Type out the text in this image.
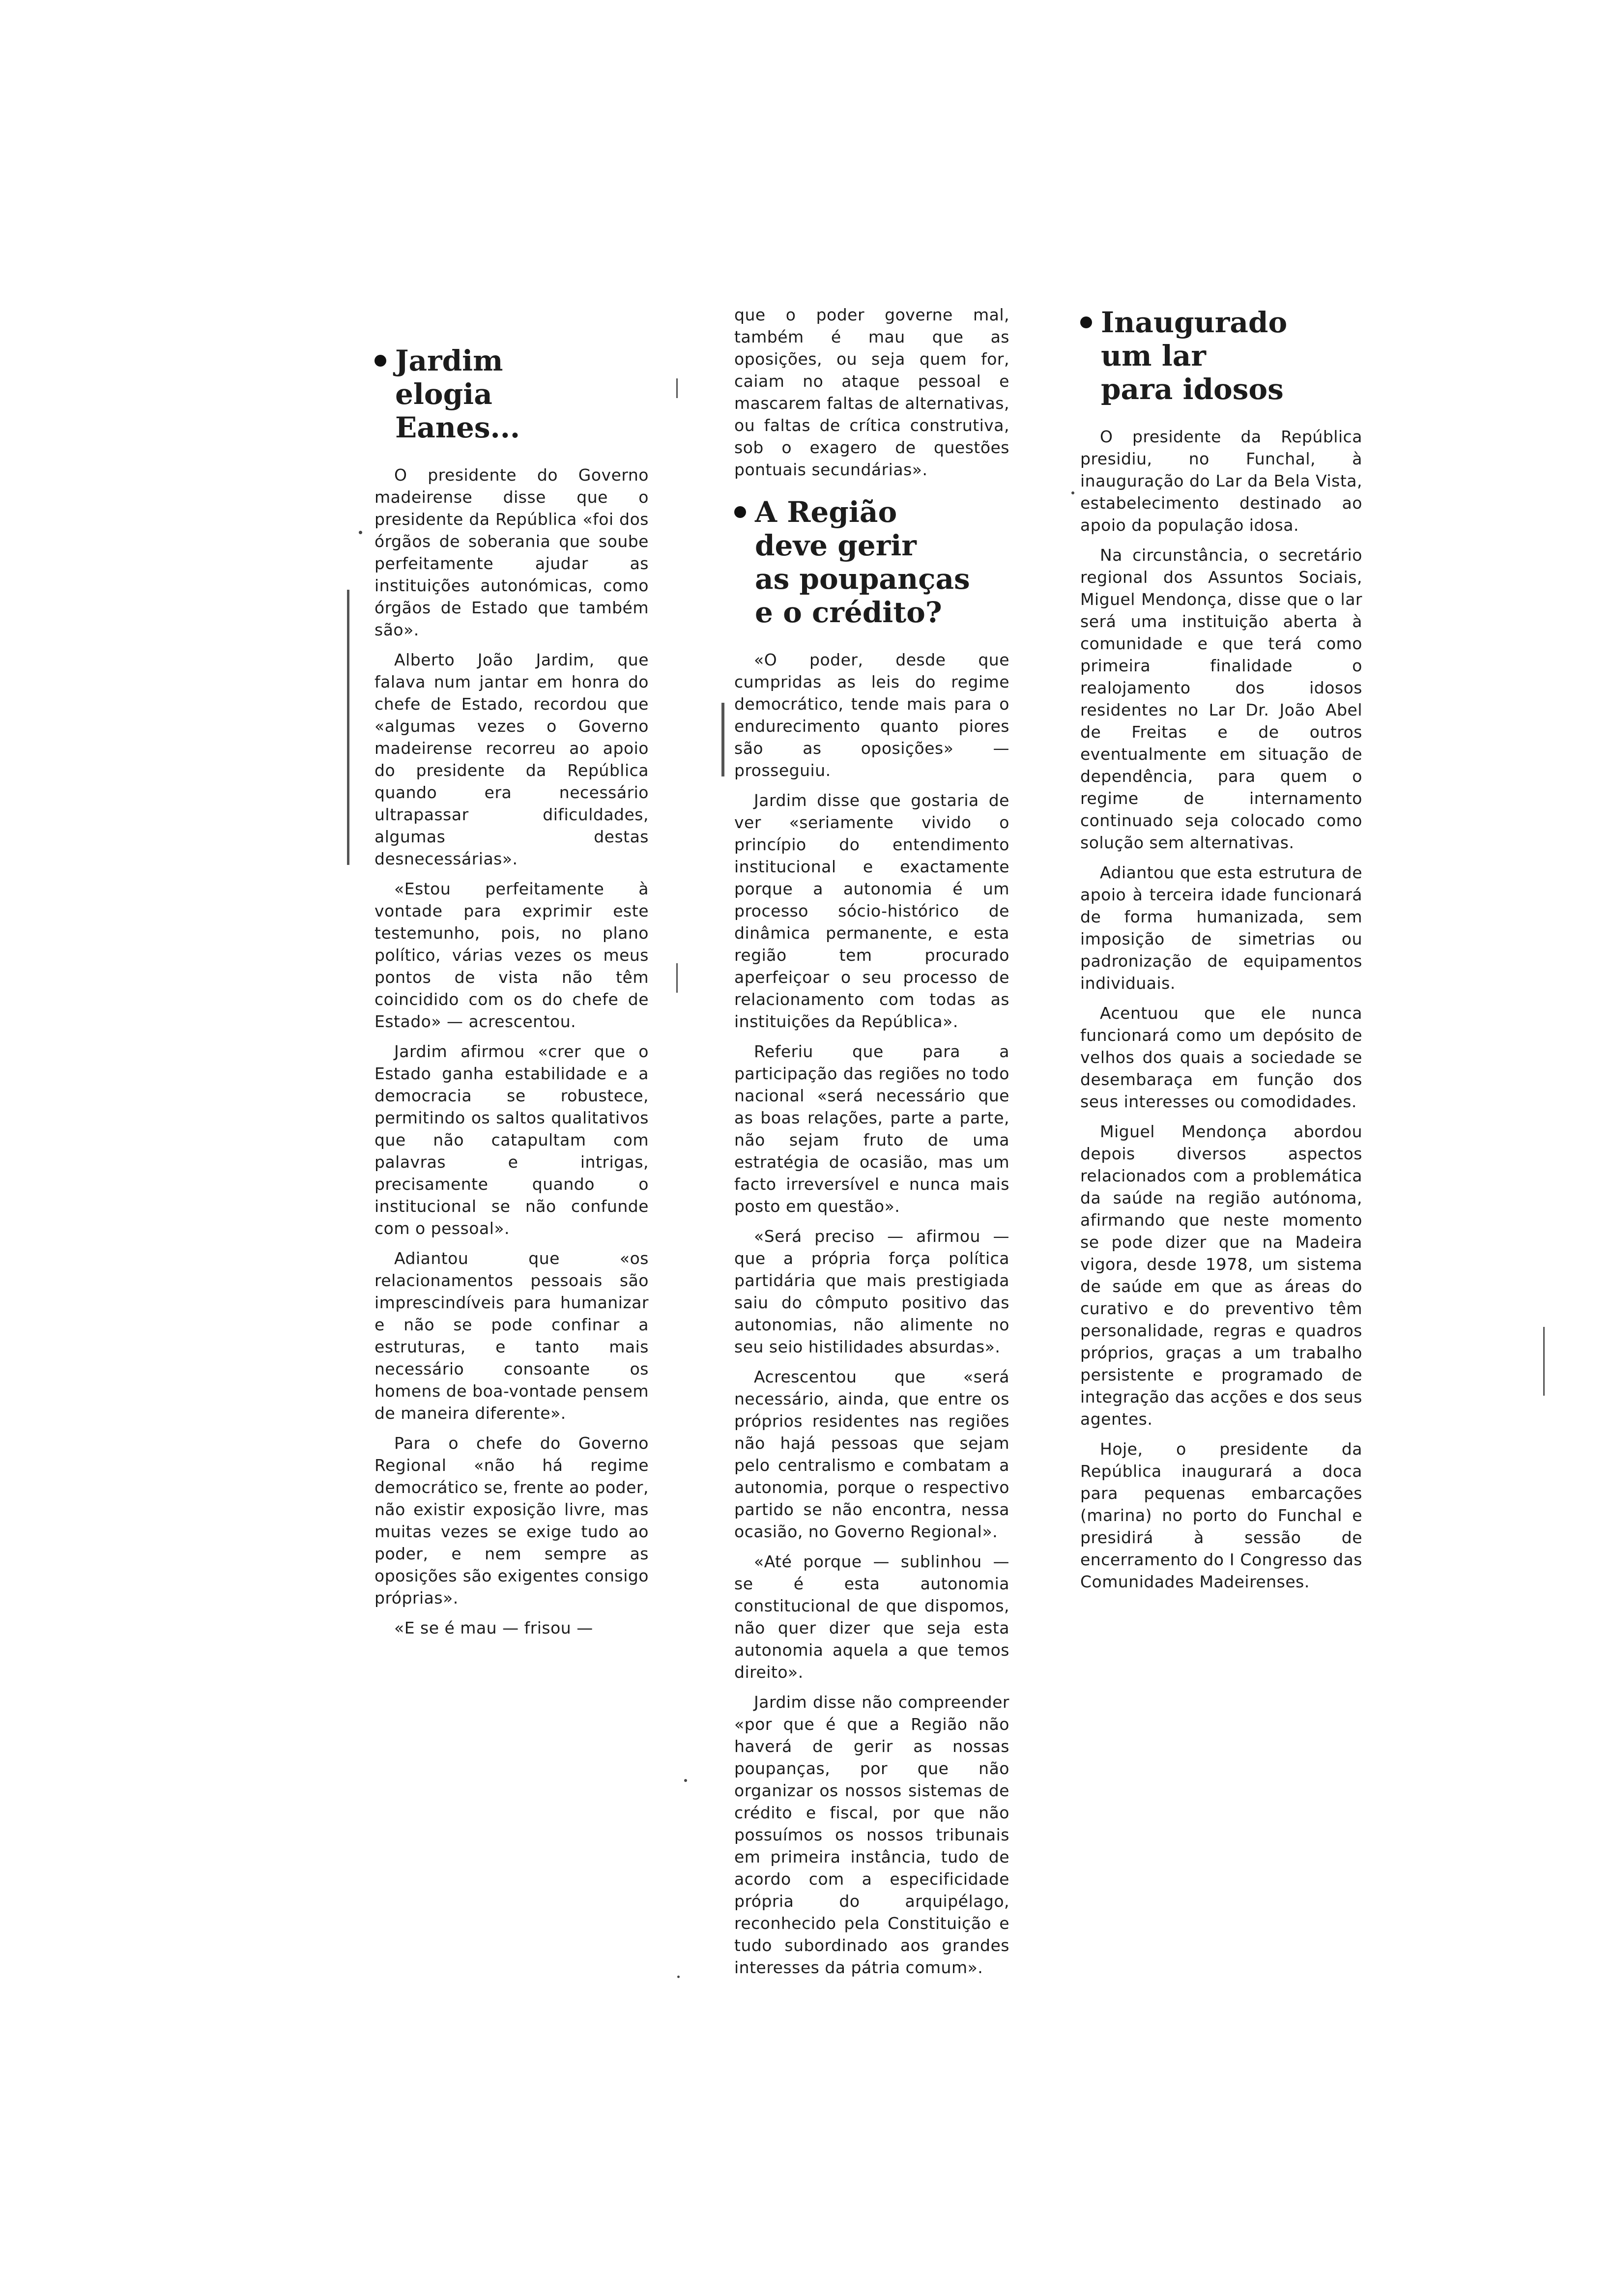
Jardim
elogia
Eanes...

O presidente do Governo madeirense disse que o presidente da República «foi dos órgãos de soberania que soube perfeitamente ajudar as instituições autonómicas, como órgãos de Estado que também são».

Alberto João Jardim, que falava num jantar em honra do chefe de Estado, recordou que «algumas vezes o Governo madeirense recorreu ao apoio do presidente da República quando era necessário ultrapassar dificuldades, algumas destas desnecessárias».

«Estou perfeitamente à vontade para exprimir este testemunho, pois, no plano político, várias vezes os meus pontos de vista não têm coincidido com os do chefe de Estado» — acrescentou.

Jardim afirmou «crer que o Estado ganha estabilidade e a democracia se robustece, permitindo os saltos qualitativos que não catapultam com palavras e intrigas, precisamente quando o institucional se não confunde com o pessoal».

Adiantou que «os relacionamentos pessoais são imprescindíveis para humanizar e não se pode confinar a estruturas, e tanto mais necessário consoante os homens de boa-vontade pensem de maneira diferente».

Para o chefe do Governo Regional «não há regime democrático se, frente ao poder, não existir exposição livre, mas muitas vezes se exige tudo ao poder, e nem sempre as oposições são exigentes consigo próprias».

«E se é mau — frisou —

que o poder governe mal, também é mau que as oposições, ou seja quem for, caiam no ataque pessoal e mascarem faltas de alternativas, ou faltas de crítica construtiva, sob o exagero de questões pontuais secundárias».

A Região
deve gerir
as poupanças
e o crédito?

«O poder, desde que cumpridas as leis do regime democrático, tende mais para o endurecimento quanto piores são as oposições» — prosseguiu.

Jardim disse que gostaria de ver «seriamente vivido o princípio do entendimento institucional e exactamente porque a autonomia é um processo sócio-histórico de dinâmica permanente, e esta região tem procurado aperfeiçoar o seu processo de relacionamento com todas as instituições da República».

Referiu que para a participação das regiões no todo nacional «será necessário que as boas relações, parte a parte, não sejam fruto de uma estratégia de ocasião, mas um facto irreversível e nunca mais posto em questão».

«Será preciso — afirmou — que a própria força política partidária que mais prestigiada saiu do cômputo positivo das autonomias, não alimente no seu seio histilidades absurdas».

Acrescentou que «será necessário, ainda, que entre os próprios residentes nas regiões não hajá pessoas que sejam pelo centralismo e combatam a autonomia, porque o respectivo partido se não encontra, nessa ocasião, no Governo Regional».

«Até porque — sublinhou — se é esta autonomia constitucional de que dispomos, não quer dizer que seja esta autonomia aquela a que temos direito».

Jardim disse não compreender «por que é que a Região não haverá de gerir as nossas poupanças, por que não organizar os nossos sistemas de crédito e fiscal, por que não possuímos os nossos tribunais em primeira instância, tudo de acordo com a especificidade própria do arquipélago, reconhecido pela Constituição e tudo subordinado aos grandes interesses da pátria comum».

Inaugurado
um lar
para idosos

O presidente da República presidiu, no Funchal, à inauguração do Lar da Bela Vista, estabelecimento destinado ao apoio da população idosa.

Na circunstância, o secretário regional dos Assuntos Sociais, Miguel Mendonça, disse que o lar será uma instituição aberta à comunidade e que terá como primeira finalidade o realojamento dos idosos residentes no Lar Dr. João Abel de Freitas e de outros eventualmente em situação de dependência, para quem o regime de internamento continuado seja colocado como solução sem alternativas.

Adiantou que esta estrutura de apoio à terceira idade funcionará de forma humanizada, sem imposição de simetrias ou padronização de equipamentos individuais.

Acentuou que ele nunca funcionará como um depósito de velhos dos quais a sociedade se desembaraça em função dos seus interesses ou comodidades.

Miguel Mendonça abordou depois diversos aspectos relacionados com a problemática da saúde na região autónoma, afirmando que neste momento se pode dizer que na Madeira vigora, desde 1978, um sistema de saúde em que as áreas do curativo e do preventivo têm personalidade, regras e quadros próprios, graças a um trabalho persistente e programado de integração das acções e dos seus agentes.

Hoje, o presidente da República inaugurará a doca para pequenas embarcações (marina) no porto do Funchal e presidirá à sessão de encerramento do I Congresso das Comunidades Madeirenses.
